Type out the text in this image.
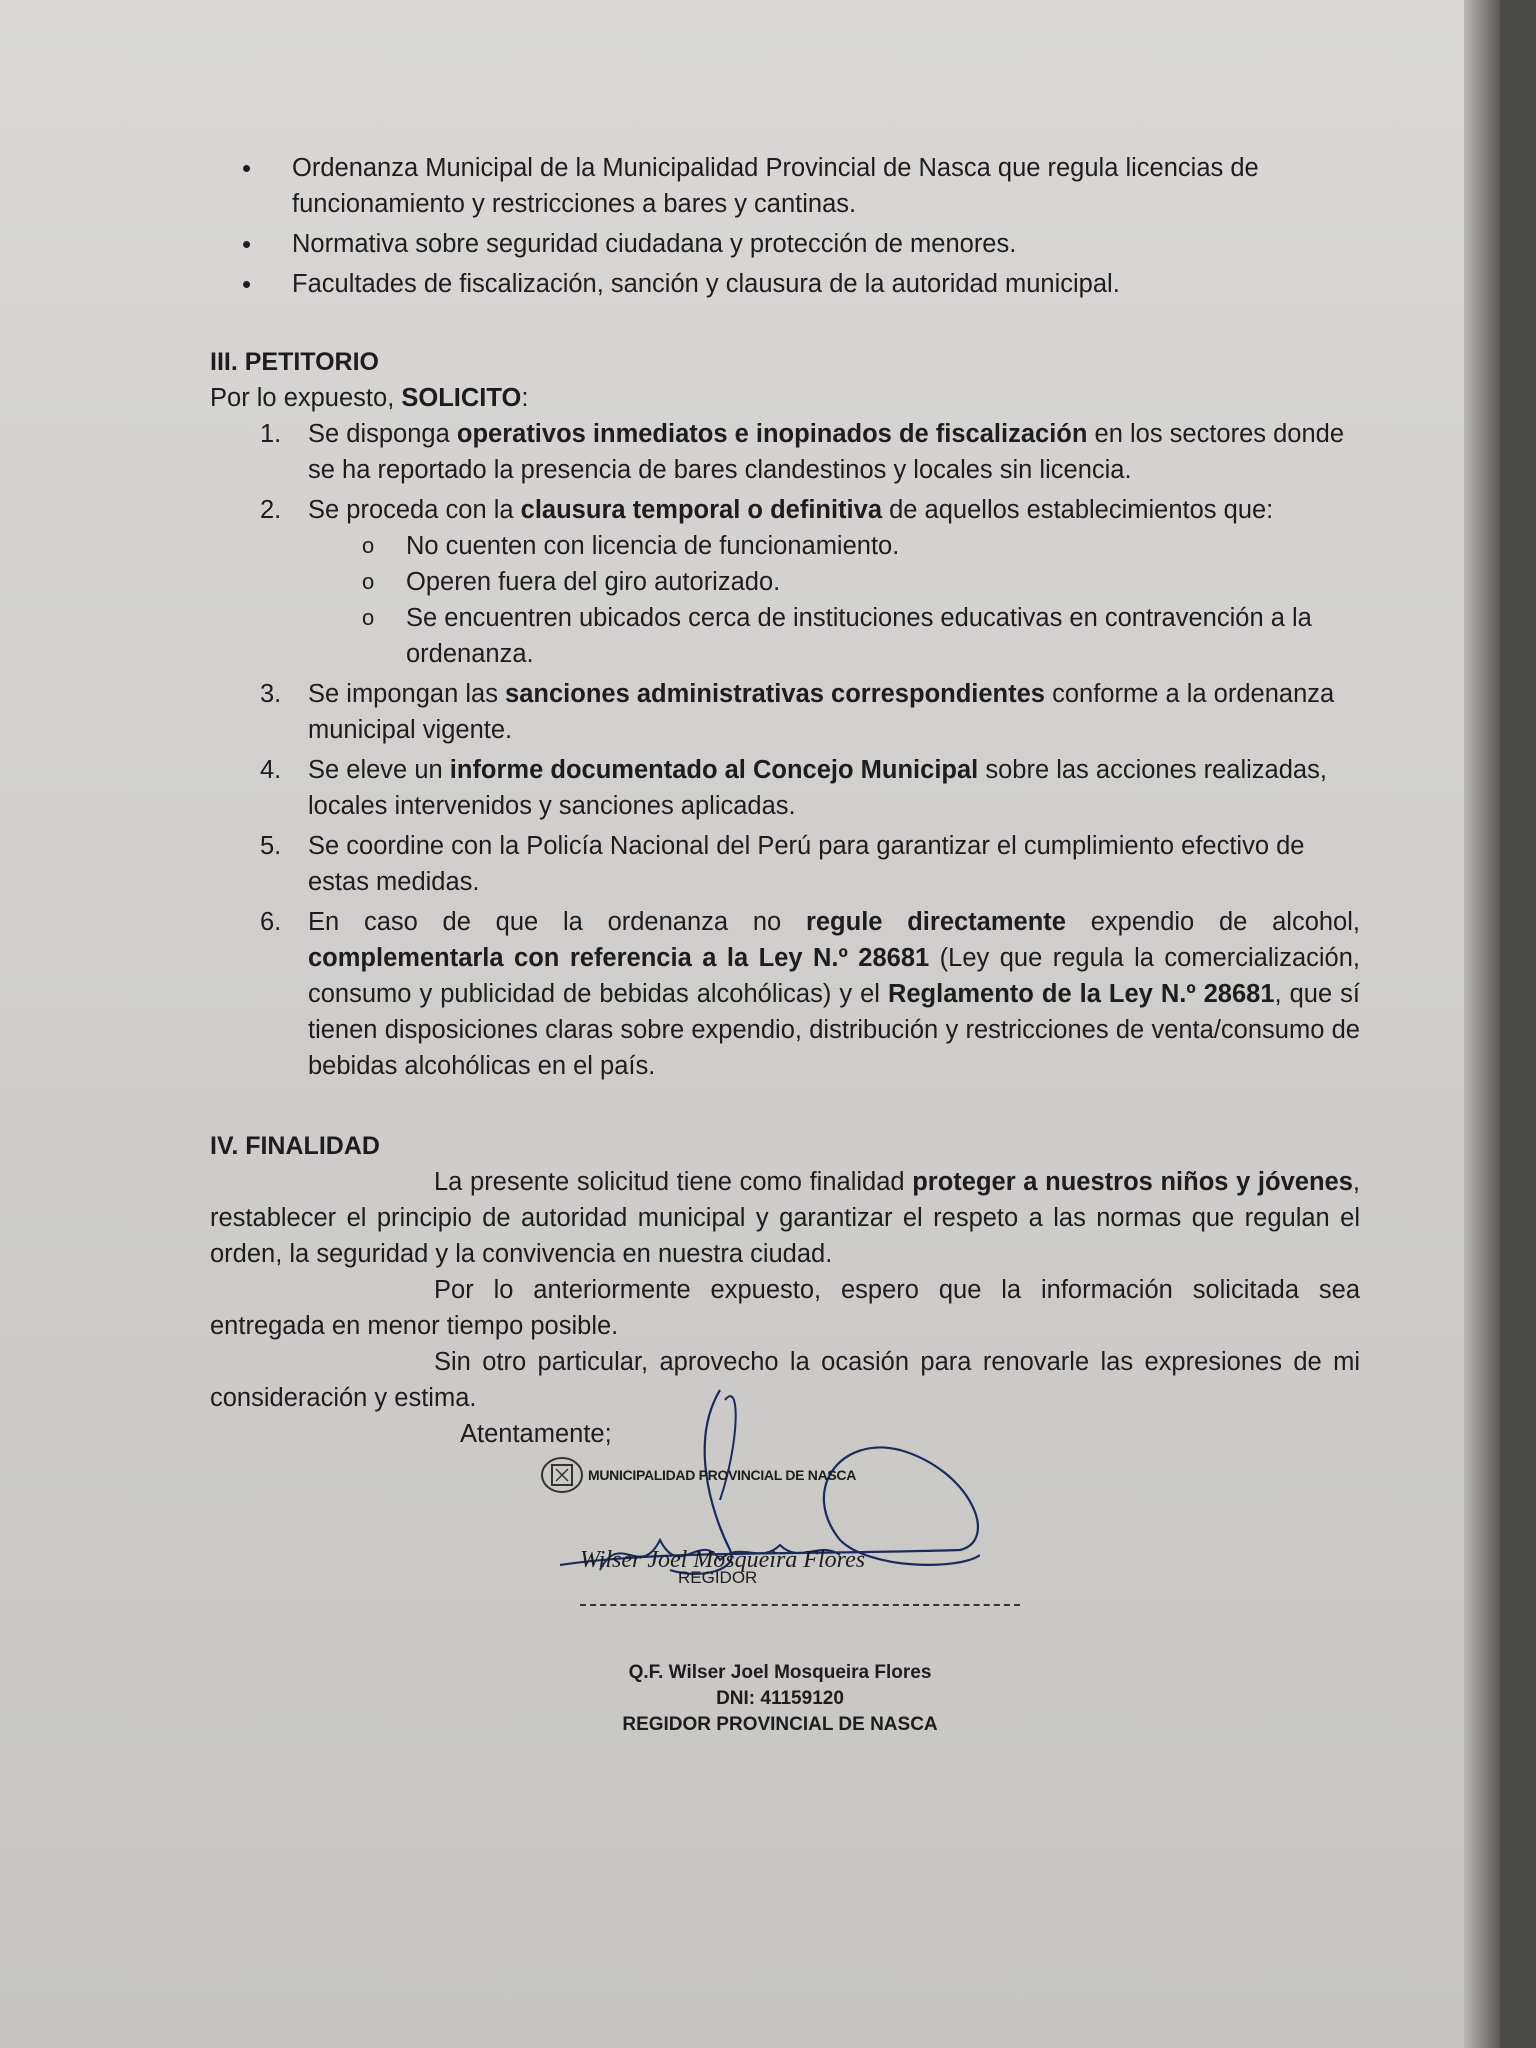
• Ordenanza Municipal de la Municipalidad Provincial de Nasca que regula licencias de funcionamiento y restricciones a bares y cantinas.
• Normativa sobre seguridad ciudadana y protección de menores.
• Facultades de fiscalización, sanción y clausura de la autoridad municipal.
III. PETITORIO

Por lo expuesto, SOLICITO:

1. Se disponga operativos inmediatos e inopinados de fiscalización en los sectores donde se ha reportado la presencia de bares clandestinos y locales sin licencia.
2. Se proceda con la clausura temporal o definitiva de aquellos establecimientos que:
o No cuenten con licencia de funcionamiento.
o Operen fuera del giro autorizado.
o Se encuentren ubicados cerca de instituciones educativas en contravención a la ordenanza.
3. Se impongan las sanciones administrativas correspondientes conforme a la ordenanza municipal vigente.
4. Se eleve un informe documentado al Concejo Municipal sobre las acciones realizadas, locales intervenidos y sanciones aplicadas.
5. Se coordine con la Policía Nacional del Perú para garantizar el cumplimiento efectivo de estas medidas.
6. En caso de que la ordenanza no regule directamente expendio de alcohol, complementarla con referencia a la Ley N.º 28681 (Ley que regula la comercialización, consumo y publicidad de bebidas alcohólicas) y el Reglamento de la Ley N.º 28681, que sí tienen disposiciones claras sobre expendio, distribución y restricciones de venta/consumo de bebidas alcohólicas en el país.
IV. FINALIDAD

La presente solicitud tiene como finalidad proteger a nuestros niños y jóvenes, restablecer el principio de autoridad municipal y garantizar el respeto a las normas que regulan el orden, la seguridad y la convivencia en nuestra ciudad.

Por lo anteriormente expuesto, espero que la información solicitada sea entregada en menor tiempo posible.

Sin otro particular, aprovecho la ocasión para renovarle las expresiones de mi consideración y estima.

Atentamente;

MUNICIPALIDAD PROVINCIAL DE NASCA
Wilser Joel Mosqueira Flores
REGIDOR
Q.F. Wilser Joel Mosqueira Flores
DNI: 41159120
REGIDOR PROVINCIAL DE NASCA
